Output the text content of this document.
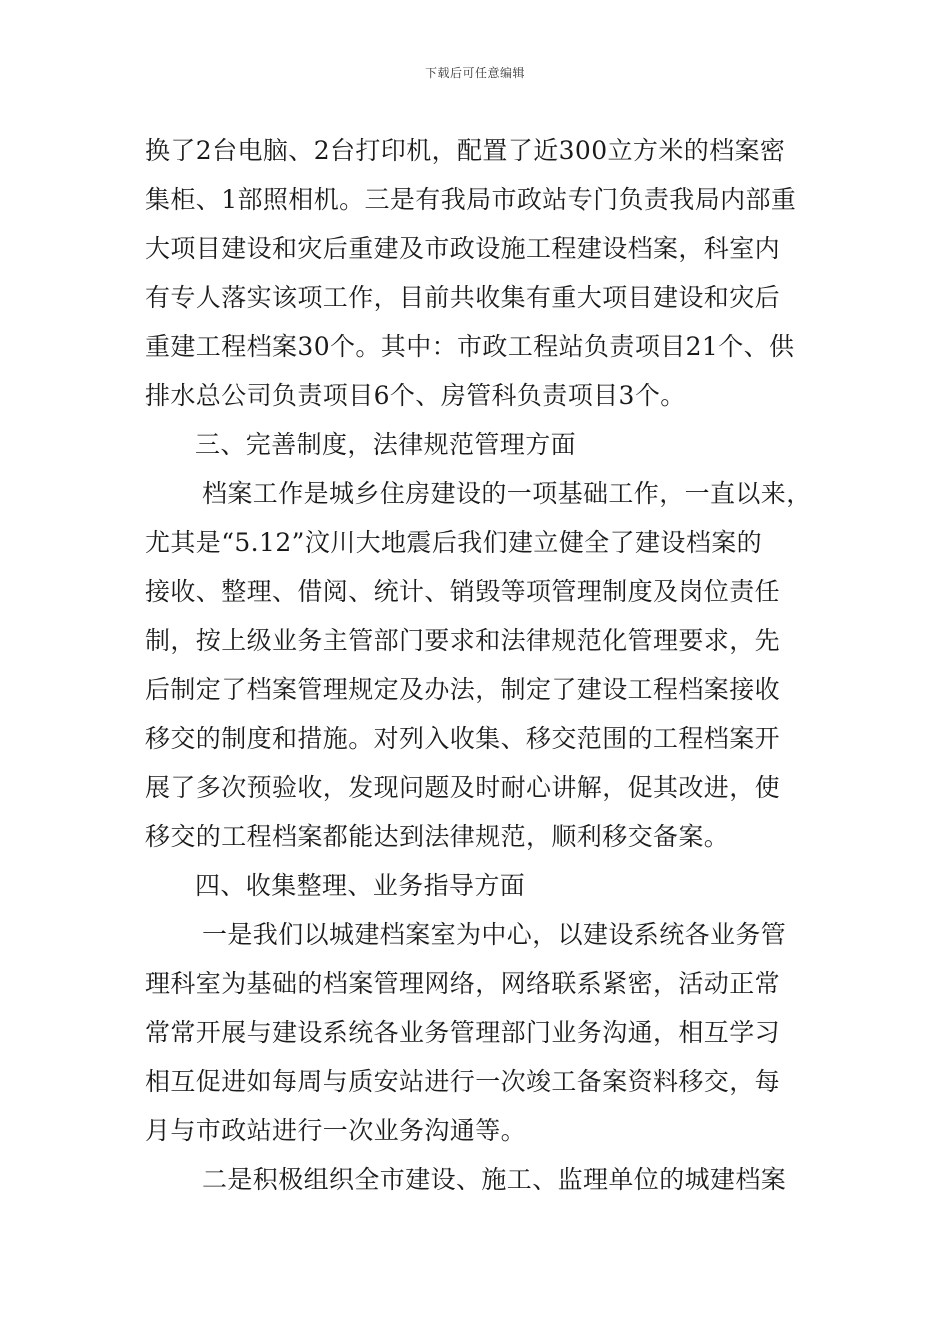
下载后可任意编辑
换了2台电脑、2台打印机，配置了近300立方米的档案密
集柜、1部照相机。三是有我局市政站专门负责我局内部重
大项目建设和灾后重建及市政设施工程建设档案，科室内
有专人落实该项工作，目前共收集有重大项目建设和灾后
重建工程档案30个。其中：市政工程站负责项目21个、供
排水总公司负责项目6个、房管科负责项目3个。
三、完善制度，法律规范管理方面
档案工作是城乡住房建设的一项基础工作，一直以来，
尤其是“5.12”汶川大地震后我们建立健全了建设档案的
接收、整理、借阅、统计、销毁等项管理制度及岗位责任
制，按上级业务主管部门要求和法律规范化管理要求，先
后制定了档案管理规定及办法，制定了建设工程档案接收
移交的制度和措施。对列入收集、移交范围的工程档案开
展了多次预验收，发现问题及时耐心讲解，促其改进，使
移交的工程档案都能达到法律规范，顺利移交备案。
四、收集整理、业务指导方面
一是我们以城建档案室为中心，以建设系统各业务管
理科室为基础的档案管理网络，网络联系紧密，活动正常
常常开展与建设系统各业务管理部门业务沟通，相互学习
相互促进如每周与质安站进行一次竣工备案资料移交，每
月与市政站进行一次业务沟通等。
二是积极组织全市建设、施工、监理单位的城建档案
